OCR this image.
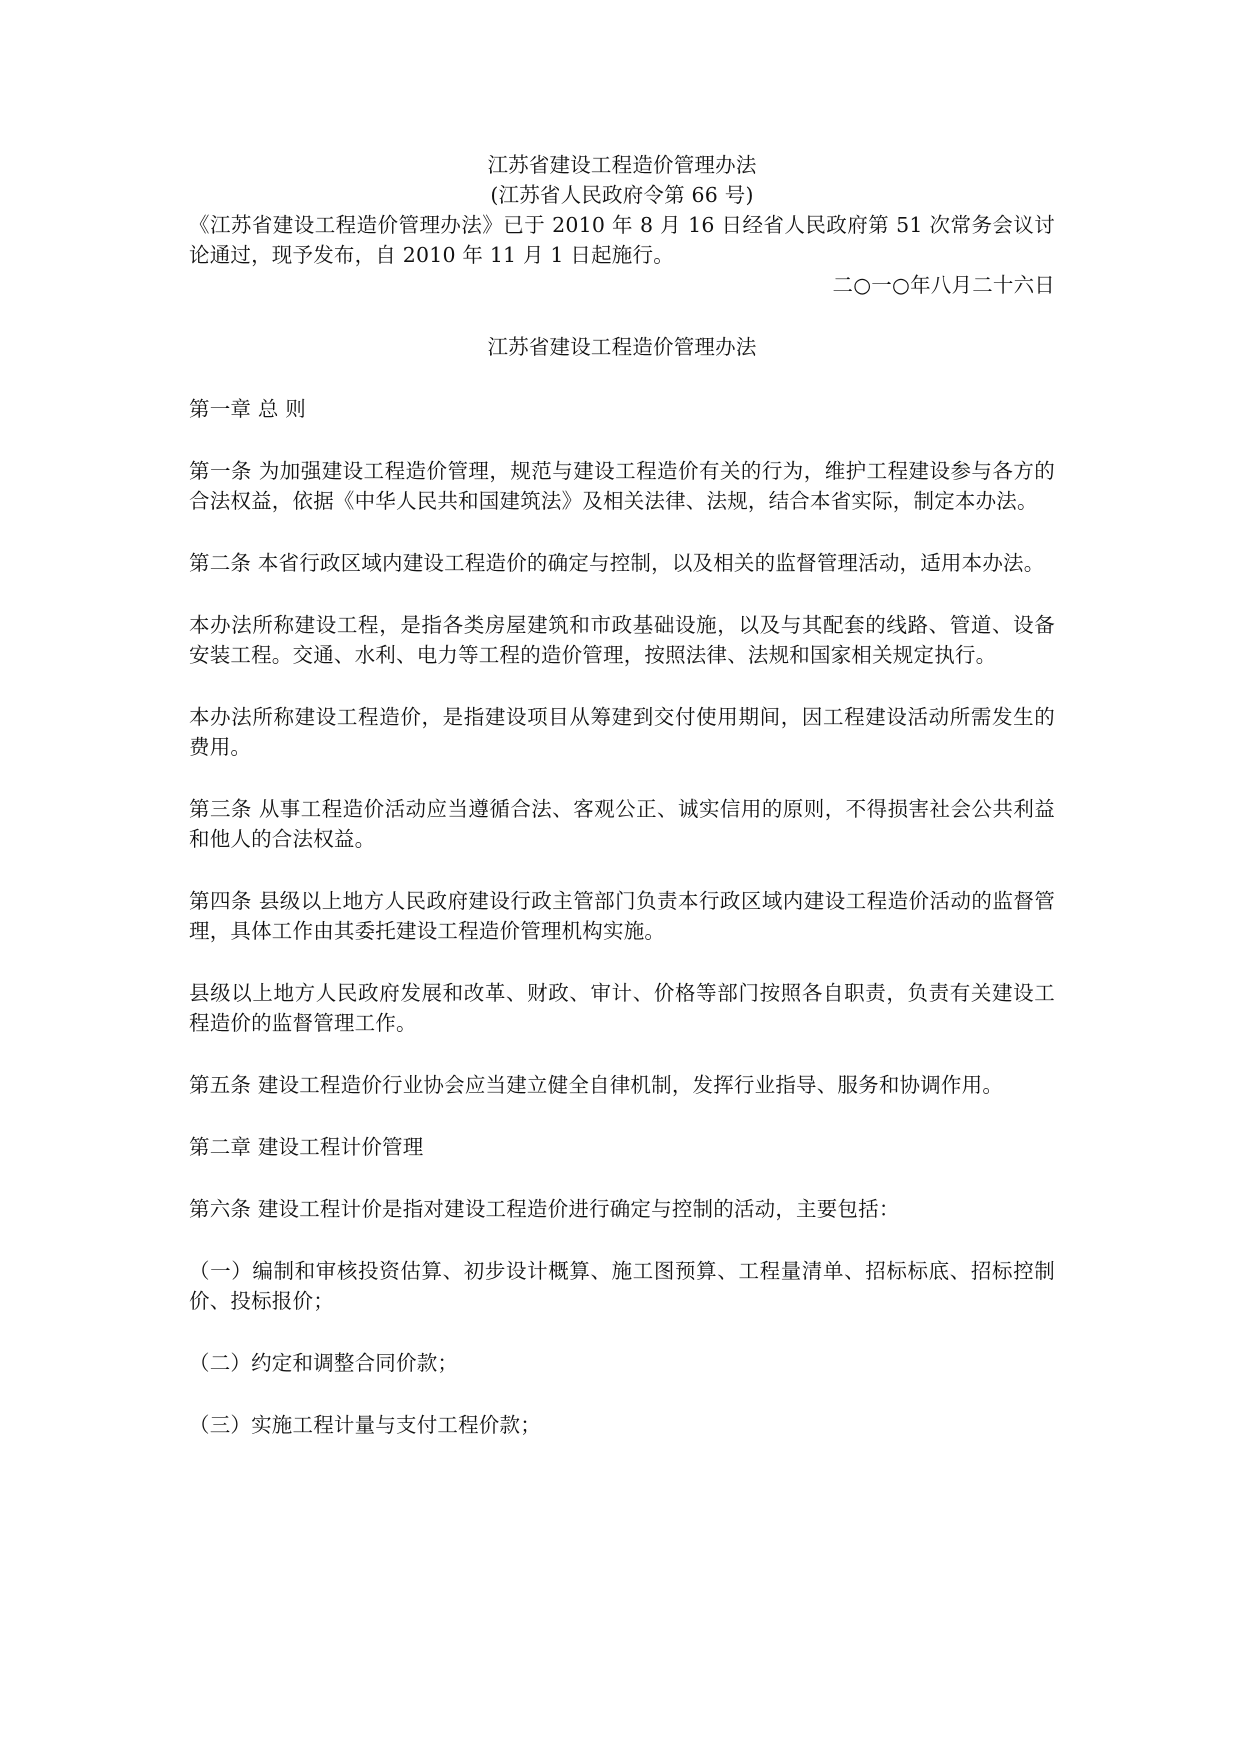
江苏省建设工程造价管理办法

(江苏省人民政府令第 66 号)

《江苏省建设工程造价管理办法》已于 2010 年 8 月 16 日经省人民政府第 51 次常务会议讨论通过，现予发布，自 2010 年 11 月 1 日起施行。

二○一○年八月二十六日

江苏省建设工程造价管理办法

第一章 总 则

第一条 为加强建设工程造价管理，规范与建设工程造价有关的行为，维护工程建设参与各方的合法权益，依据《中华人民共和国建筑法》及相关法律、法规，结合本省实际，制定本办法。

第二条 本省行政区域内建设工程造价的确定与控制，以及相关的监督管理活动，适用本办法。

本办法所称建设工程，是指各类房屋建筑和市政基础设施，以及与其配套的线路、管道、设备安装工程。交通、水利、电力等工程的造价管理，按照法律、法规和国家相关规定执行。

本办法所称建设工程造价，是指建设项目从筹建到交付使用期间，因工程建设活动所需发生的费用。

第三条 从事工程造价活动应当遵循合法、客观公正、诚实信用的原则，不得损害社会公共利益和他人的合法权益。

第四条 县级以上地方人民政府建设行政主管部门负责本行政区域内建设工程造价活动的监督管理，具体工作由其委托建设工程造价管理机构实施。

县级以上地方人民政府发展和改革、财政、审计、价格等部门按照各自职责，负责有关建设工程造价的监督管理工作。

第五条 建设工程造价行业协会应当建立健全自律机制，发挥行业指导、服务和协调作用。

第二章 建设工程计价管理

第六条 建设工程计价是指对建设工程造价进行确定与控制的活动，主要包括：

（一）编制和审核投资估算、初步设计概算、施工图预算、工程量清单、招标标底、招标控制价、投标报价；

（二）约定和调整合同价款；

（三）实施工程计量与支付工程价款；
